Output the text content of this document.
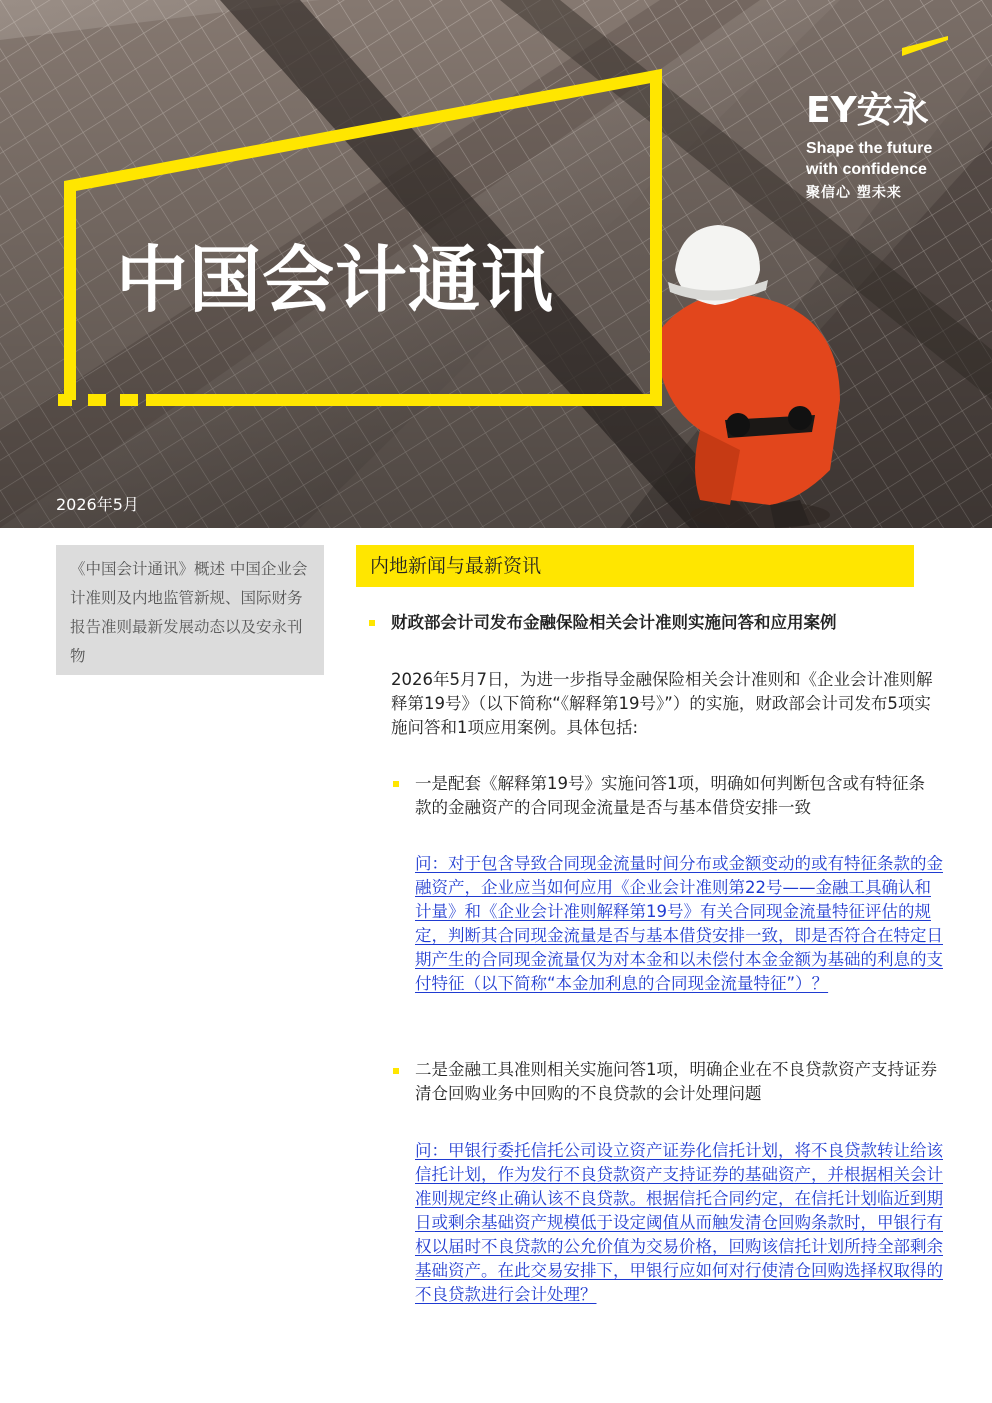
中国会计通讯
EY安永
Shape the future
with confidence
聚信心 塑未来
2026年5月
《中国会计通讯》概述 中国企业会计准则及内地监管新规、国际财务报告准则最新发展动态以及安永刊物
内地新闻与最新资讯
财政部会计司发布金融保险相关会计准则实施问答和应用案例

2026年5月7日，为进一步指导金融保险相关会计准则和《企业会计准则解释第19号》（以下简称“《解释第19号》”）的实施，财政部会计司发布5项实施问答和1项应用案例。具体包括:

一是配套《解释第19号》实施问答1项，明确如何判断包含或有特征条款的金融资产的合同现金流量是否与基本借贷安排一致

问：对于包含导致合同现金流量时间分布或金额变动的或有特征条款的金融资产，企业应当如何应用《企业会计准则第22号——金融工具确认和计量》和《企业会计准则解释第19号》有关合同现金流量特征评估的规定，判断其合同现金流量是否与基本借贷安排一致，即是否符合在特定日期产生的合同现金流量仅为对本金和以未偿付本金金额为基础的利息的支付特征（以下简称“本金加利息的合同现金流量特征”）？

二是金融工具准则相关实施问答1项，明确企业在不良贷款资产支持证券清仓回购业务中回购的不良贷款的会计处理问题

问：甲银行委托信托公司设立资产证券化信托计划，将不良贷款转让给该信托计划，作为发行不良贷款资产支持证券的基础资产，并根据相关会计准则规定终止确认该不良贷款。根据信托合同约定，在信托计划临近到期日或剩余基础资产规模低于设定阈值从而触发清仓回购条款时，甲银行有权以届时不良贷款的公允价值为交易价格，回购该信托计划所持全部剩余基础资产。在此交易安排下，甲银行应如何对行使清仓回购选择权取得的不良贷款进行会计处理？
